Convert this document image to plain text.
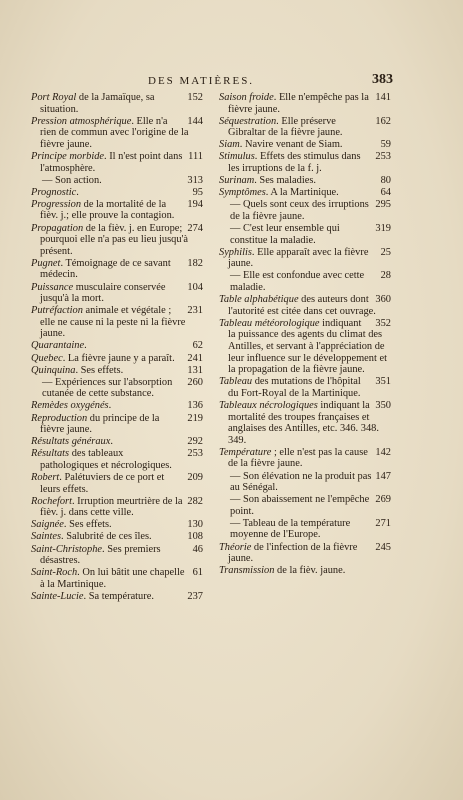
DES MATIÈRES.	383
152
Port Royal de la Jamaïque, sa situation.
144
Pression atmosphérique. Elle n'a rien de commun avec l'origine de la fièvre jaune.
111
Principe morbide. Il n'est point dans l'atmosphère.
313
— Son action.
95
Prognostic.
194
Progression de la mortalité de la fièv. j.; elle prouve la contagion.
274
Propagation de la fièv. j. en Europe; pourquoi elle n'a pas eu lieu jusqu'à présent.
182
Pugnet. Témoignage de ce savant médecin.
104
Puissance musculaire conservée jusqu'à la mort.
231
Putréfaction animale et végétale ; elle ne cause ni la peste ni la fièvre jaune.
62
Quarantaine.
241
Quebec. La fièvre jaune y a paraît.
131
Quinquina. Ses effets.
260
— Expériences sur l'absorption cutanée de cette substance.
136
Remèdes oxygénés.
219
Reproduction du principe de la fièvre jaune.
292
Résultats généraux.
253
Résultats des tableaux pathologiques et nécrologiques.
209
Robert. Palétuviers de ce port et leurs effets.
282
Rochefort. Irruption meurtrière de la fièv. j. dans cette ville.
130
Saignée. Ses effets.
108
Saintes. Salubrité de ces îles.
46
Saint-Christophe. Ses premiers désastres.
61
Saint-Roch. On lui bâtit une chapelle à la Martinique.
237
Sainte-Lucie. Sa température.
141
Saison froide. Elle n'empêche pas la fièvre jaune.
162
Séquestration. Elle préserve Gibraltar de la fièvre jaune.
59
Siam. Navire venant de Siam.
253
Stimulus. Effets des stimulus dans les irruptions de la f. j.
80
Surinam. Ses maladies.
64
Symptômes. A la Martinique.
295
— Quels sont ceux des irruptions de la fièvre jaune.
319
— C'est leur ensemble qui constitue la maladie.
25
Syphilis. Elle apparaît avec la fièvre jaune.
28
— Elle est confondue avec cette maladie.
360
Table alphabétique des auteurs dont l'autorité est citée dans cet ouvrage.
352
Tableau météorologique indiquant la puissance des agents du climat des Antilles, et servant à l'appréciation de leur influence sur le développement et la propagation de la fièvre jaune.
351
Tableau des mutations de l'hôpital du Fort-Royal de la Martinique.
350
Tableaux nécrologiques indiquant la mortalité des troupes françaises et anglaises des Antilles, etc. 346. 348. 349.
142
Température ; elle n'est pas la cause de la fièvre jaune.
147
— Son élévation ne la produit pas au Sénégal.
269
— Son abaissement ne l'empêche point.
271
— Tableau de la température moyenne de l'Europe.
245
Théorie de l'infection de la fièvre jaune.
Transmission de la fièv. jaune.
